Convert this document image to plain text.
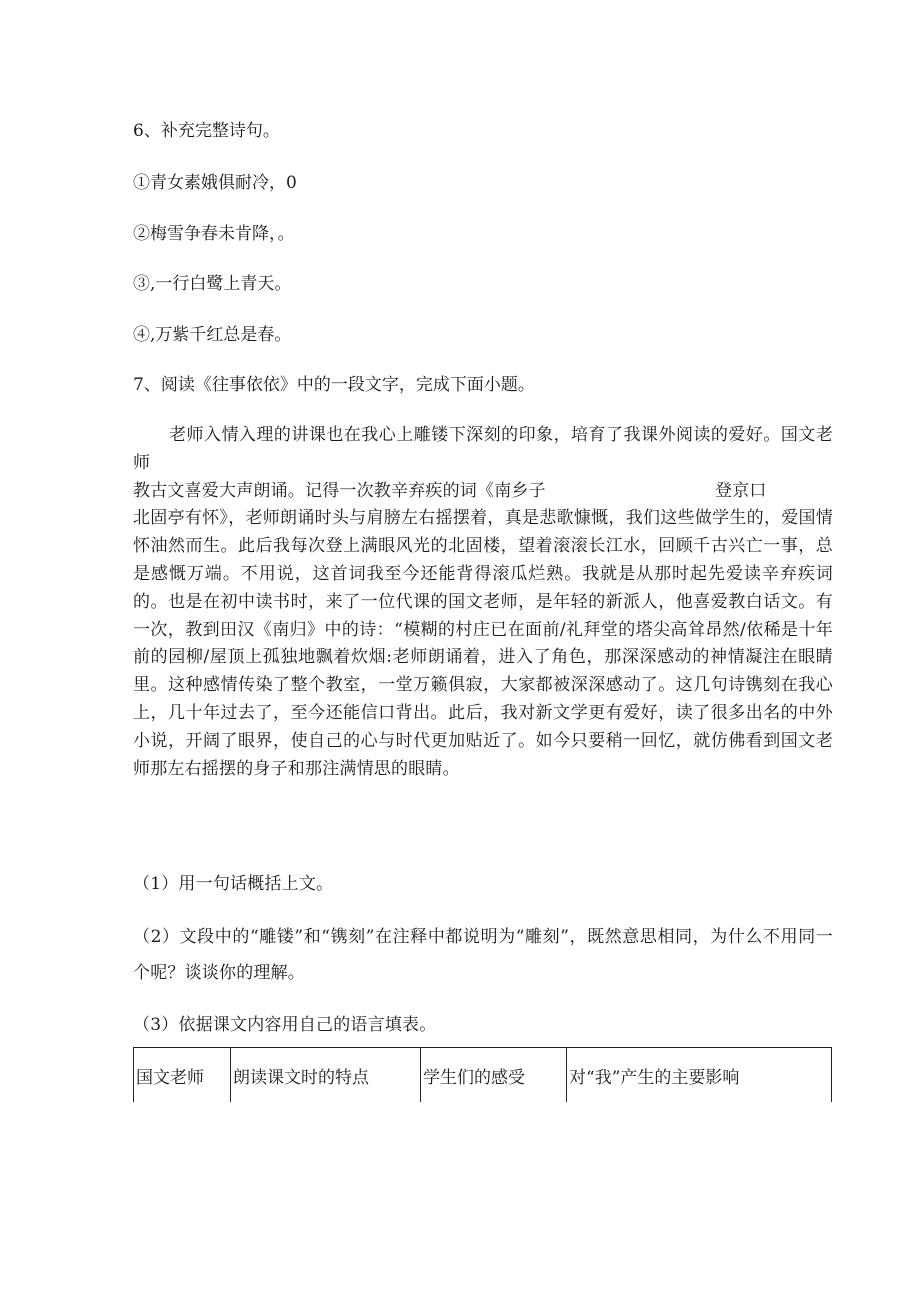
6、补充完整诗句。
①青女素娥俱耐冷，0
②梅雪争春未肯降，。
③,一行白鹭上青天。
④,万紫千红总是春。
7、阅读《往事依依》中的一段文字，完成下面小题。

老师入情入理的讲课也在我心上雕镂下深刻的印象，培育了我课外阅读的爱好。国文老师

教古文喜爱大声朗诵。记得一次教辛弃疾的词《南乡子	登京口

北固亭有怀》，老师朗诵时头与肩膀左右摇摆着，真是悲歌慷慨，我们这些做学生的，爱国情怀油然而生。此后我每次登上满眼风光的北固楼，望着滚滚长江水，回顾千古兴亡一事，总是感慨万端。不用说，这首词我至今还能背得滚瓜烂熟。我就是从那时起先爱读辛弃疾词的。也是在初中读书时，来了一位代课的国文老师，是年轻的新派人，他喜爱教白话文。有一次，教到田汉《南归》中的诗：“模糊的村庄已在面前/礼拜堂的塔尖高耸昂然/依稀是十年前的园柳/屋顶上孤独地飘着炊烟:老师朗诵着，进入了角色，那深深感动的神情凝注在眼睛里。这种感情传染了整个教室，一堂万籁俱寂，大家都被深深感动了。这几句诗镌刻在我心上，几十年过去了，至今还能信口背出。此后，我对新文学更有爱好，读了很多出名的中外小说，开阔了眼界，使自己的心与时代更加贴近了。如今只要稍一回忆，就仿佛看到国文老师那左右摇摆的身子和那注满情思的眼睛。

（1）用一句话概括上文。
（2）文段中的“雕镂”和“镌刻”在注释中都说明为“雕刻”，既然意思相同，为什么不用同一个呢？谈谈你的理解。
（3）依据课文内容用自己的语言填表。
国文老师	朗读课文时的特点	学生们的感受	对“我”产生的主要影响
